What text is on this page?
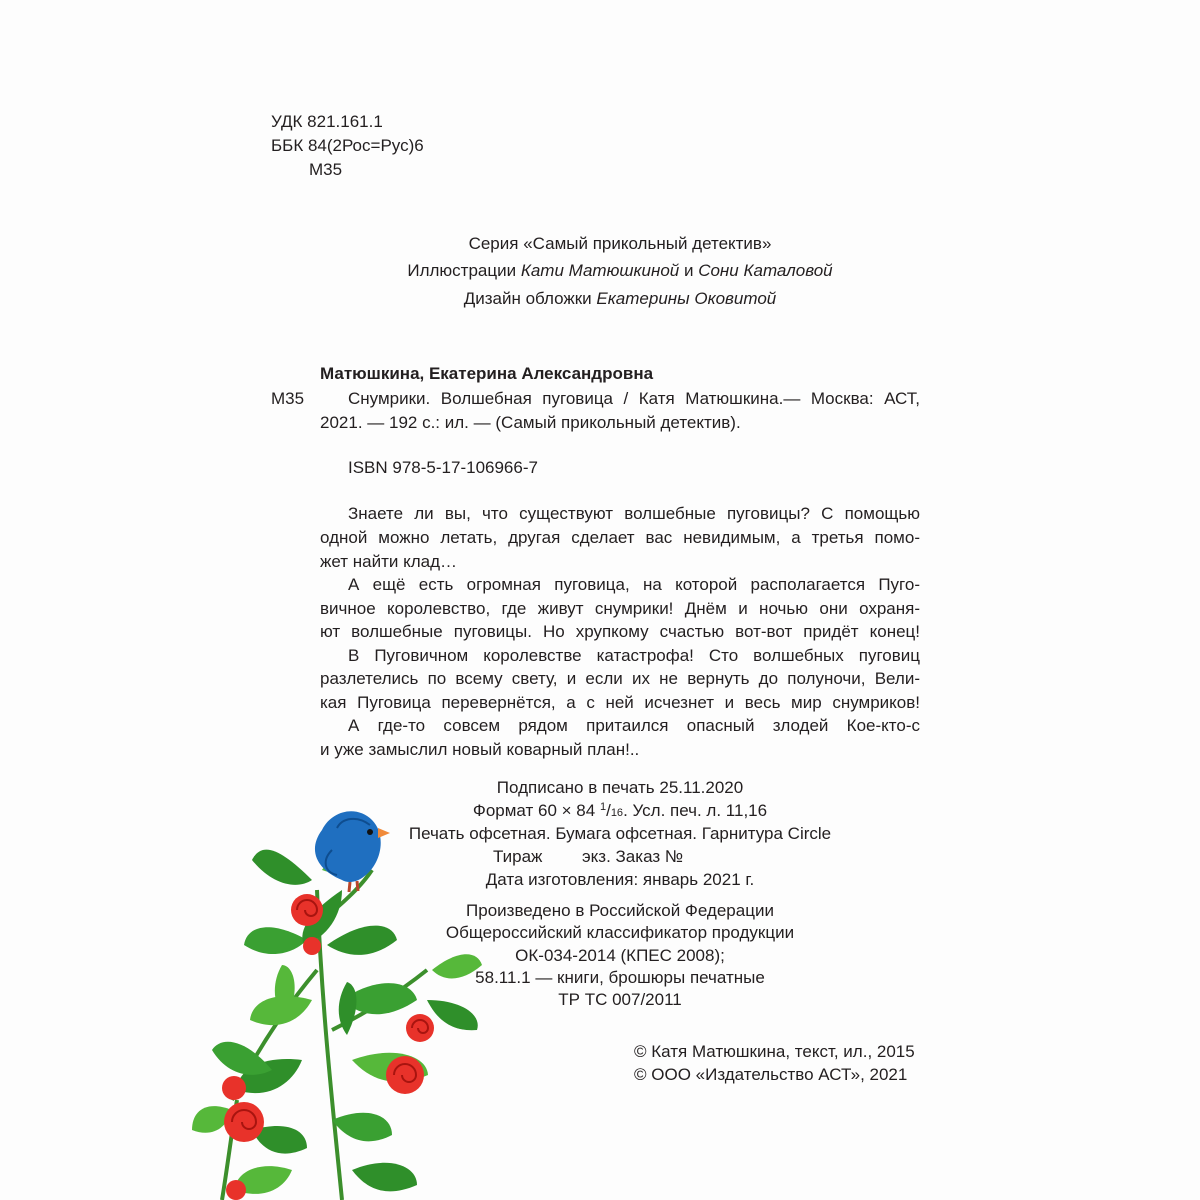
УДК 821.161.1
ББК 84(2Рос=Рус)6
М35
Серия «Самый прикольный детектив»
Иллюстрации Кати Матюшкиной и Сони Каталовой
Дизайн обложки Екатерины Оковитой
Матюшкина, Екатерина Александровна
М35	Снумрики. Волшебная пуговица / Катя Матюшкина.— Москва: АСТ,
2021. — 192 с.: ил. — (Самый прикольный детектив).
ISBN 978-5-17-106966-7
Знаете ли вы, что существуют волшебные пуговицы? С помощью
одной можно летать, другая сделает вас невидимым, а третья помо-
жет найти клад…
А ещё есть огромная пуговица, на которой располагается Пуго-
вичное королевство, где живут снумрики! Днём и ночью они охраня-
ют волшебные пуговицы. Но хрупкому счастью вот-вот придёт конец!
В Пуговичном королевстве катастрофа! Сто волшебных пуговиц
разлетелись по всему свету, и если их не вернуть до полуночи, Вели-
кая Пуговица перевернётся, а с ней исчезнет и весь мир снумриков!
А где-то совсем рядом притаился опасный злодей Кое-кто-с
и уже замыслил новый коварный план!..
Подписано в печать 25.11.2020
Формат 60 × 84 $^1$/16. Усл. печ. л. 11,16
Печать офсетная. Бумага офсетная. Гарнитура Circle
Тираж экз. Заказ №
Дата изготовления: январь 2021 г.
Произведено в Российской Федерации
Общероссийский классификатор продукции
ОК-034-2014 (КПЕС 2008);
58.11.1 — книги, брошюры печатные
ТР ТС 007/2011
© Катя Матюшкина, текст, ил., 2015
© ООО «Издательство АСТ», 2021
